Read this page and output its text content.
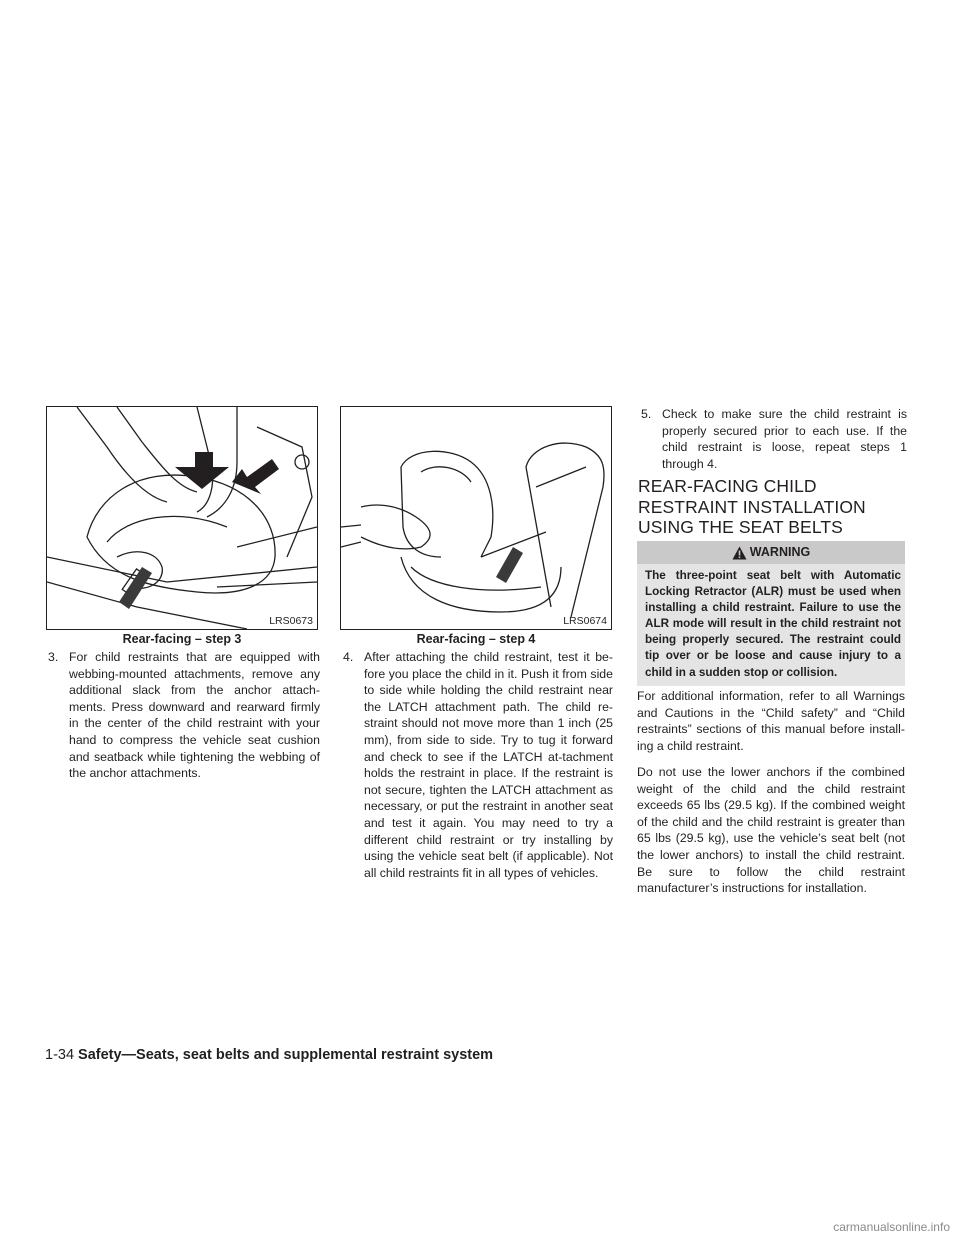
LRS0673
Rear-facing – step 3
LRS0674
Rear-facing – step 4
3. For child restraints that are equipped with webbing-mounted attachments, remove any additional slack from the anchor attach-ments. Press downward and rearward firmly in the center of the child restraint with your hand to compress the vehicle seat cushion and seatback while tightening the webbing of the anchor attachments.
4. After attaching the child restraint, test it be-fore you place the child in it. Push it from side to side while holding the child restraint near the LATCH attachment path. The child re-straint should not move more than 1 inch (25 mm), from side to side. Try to tug it forward and check to see if the LATCH at-tachment holds the restraint in place. If the restraint is not secure, tighten the LATCH attachment as necessary, or put the restraint in another seat and test it again. You may need to try a different child restraint or try installing by using the vehicle seat belt (if applicable). Not all child restraints fit in all types of vehicles.
5. Check to make sure the child restraint is properly secured prior to each use. If the child restraint is loose, repeat steps 1 through 4.
REAR-FACING CHILD RESTRAINT INSTALLATION USING THE SEAT BELTS
WARNING
The three-point seat belt with Automatic Locking Retractor (ALR) must be used when installing a child restraint. Failure to use the ALR mode will result in the child restraint not being properly secured. The restraint could tip over or be loose and cause injury to a child in a sudden stop or collision.
For additional information, refer to all Warnings and Cautions in the “Child safety” and “Child restraints” sections of this manual before install-ing a child restraint.
Do not use the lower anchors if the combined weight of the child and the child restraint exceeds 65 lbs (29.5 kg). If the combined weight of the child and the child restraint is greater than 65 lbs (29.5 kg), use the vehicle’s seat belt (not the lower anchors) to install the child restraint. Be sure to follow the child restraint manufacturer’s instructions for installation.
1-34 Safety—Seats, seat belts and supplemental restraint system
carmanualsonline.info
